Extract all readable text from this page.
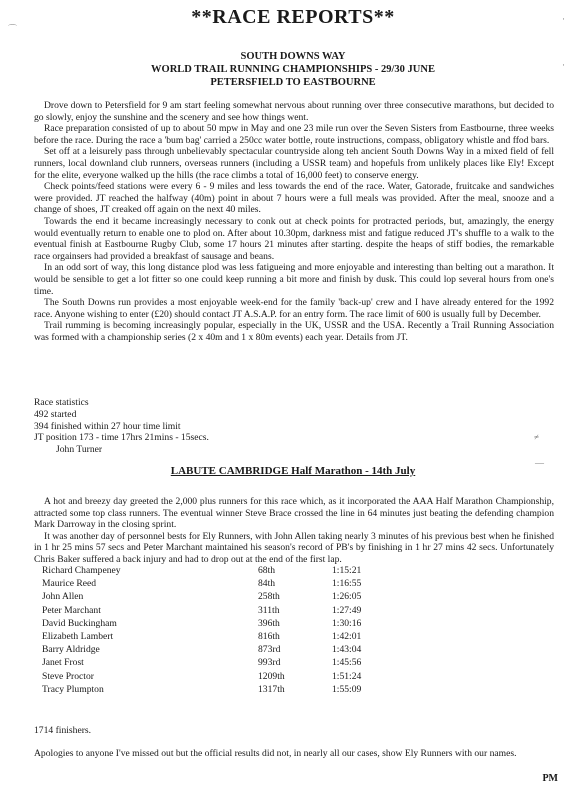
⌒
·
·
≠
—
**RACE REPORTS**
SOUTH DOWNS WAY
WORLD TRAIL RUNNING CHAMPIONSHIPS - 29/30 JUNE
PETERSFIELD TO EASTBOURNE

Drove down to Petersfield for 9 am start feeling somewhat nervous about running over three consecutive marathons, but decided to go slowly, enjoy the sunshine and the scenery and see how things went.

Race preparation consisted of up to about 50 mpw in May and one 23 mile run over the Seven Sisters from Eastbourne, three weeks before the race. During the race a 'bum bag' carried a 250cc water bottle, route instructions, compass, obligatory whistle and ffod bars.

Set off at a leisurely pass through unbelievably spectacular countryside along teh ancient South Downs Way in a mixed field of fell runners, local downland club runners, overseas runners (including a USSR team) and hopefuls from unlikely places like Ely! Except for the elite, everyone walked up the hills (the race climbs a total of 16,000 feet) to conserve energy.

Check points/feed stations were every 6 - 9 miles and less towards the end of the race. Water, Gatorade, fruitcake and sandwiches were provided. JT reached the halfway (40m) point in about 7 hours were a full meals was provided. After the meal, snooze and a change of shoes, JT creaked off again on the next 40 miles.

Towards the end it became increasingly necessary to conk out at check points for protracted periods, but, amazingly, the energy would eventually return to enable one to plod on. After about 10.30pm, darkness mist and fatigue reduced JT's shuffle to a walk to the eventual finish at Eastbourne Rugby Club, some 17 hours 21 minutes after starting. despite the heaps of stiff bodies, the remarkable race orgainsers had provided a breakfast of sausage and beans.

In an odd sort of way, this long distance plod was less fatigueing and more enjoyable and interesting than belting out a marathon. It would be sensible to get a lot fitter so one could keep running a bit more and finish by dusk. This could lop several hours from one's time.

The South Downs run provides a most enjoyable week-end for the family 'back-up' crew and I have already entered for the 1992 race. Anyone wishing to enter (£20) should contact JT A.S.A.P. for an entry form. The race limit of 600 is usually full by December.

Trail rumming is becoming increasingly popular, especially in the UK, USSR and the USA. Recently a Trail Running Association was formed with a championship series (2 x 40m and 1 x 80m events) each year. Details from JT.

Race statistics
492 started
394 finished within 27 hour time limit
JT position 173 - time 17hrs 21mins - 15secs.
John Turner
LABUTE CAMBRIDGE Half Marathon - 14th July

A hot and breezy day greeted the 2,000 plus runners for this race which, as it incorporated the AAA Half Marathon Championship, attracted some top class runners. The eventual winner Steve Brace crossed the line in 64 minutes just beating the defending champion Mark Darroway in the closing sprint.

It was another day of personnel bests for Ely Runners, with John Allen taking nearly 3 minutes of his previous best when he finished in 1 hr 25 mins 57 secs and Peter Marchant maintained his season's record of PB's by finishing in 1 hr 27 mins 42 secs. Unfortunately Chris Baker suffered a back injury and had to drop out at the end of the first lap.

Richard Champeney	68th	1:15:21
Maurice Reed	84th	1:16:55
John Allen	258th	1:26:05
Peter Marchant	311th	1:27:49
David Buckingham	396th	1:30:16
Elizabeth Lambert	816th	1:42:01
Barry Aldridge	873rd	1:43:04
Janet Frost	993rd	1:45:56
Steve Proctor	1209th	1:51:24
Tracy Plumpton	1317th	1:55:09
1714 finishers.
Apologies to anyone I've missed out but the official results did not, in nearly all our cases, show Ely Runners with our names.
PM
